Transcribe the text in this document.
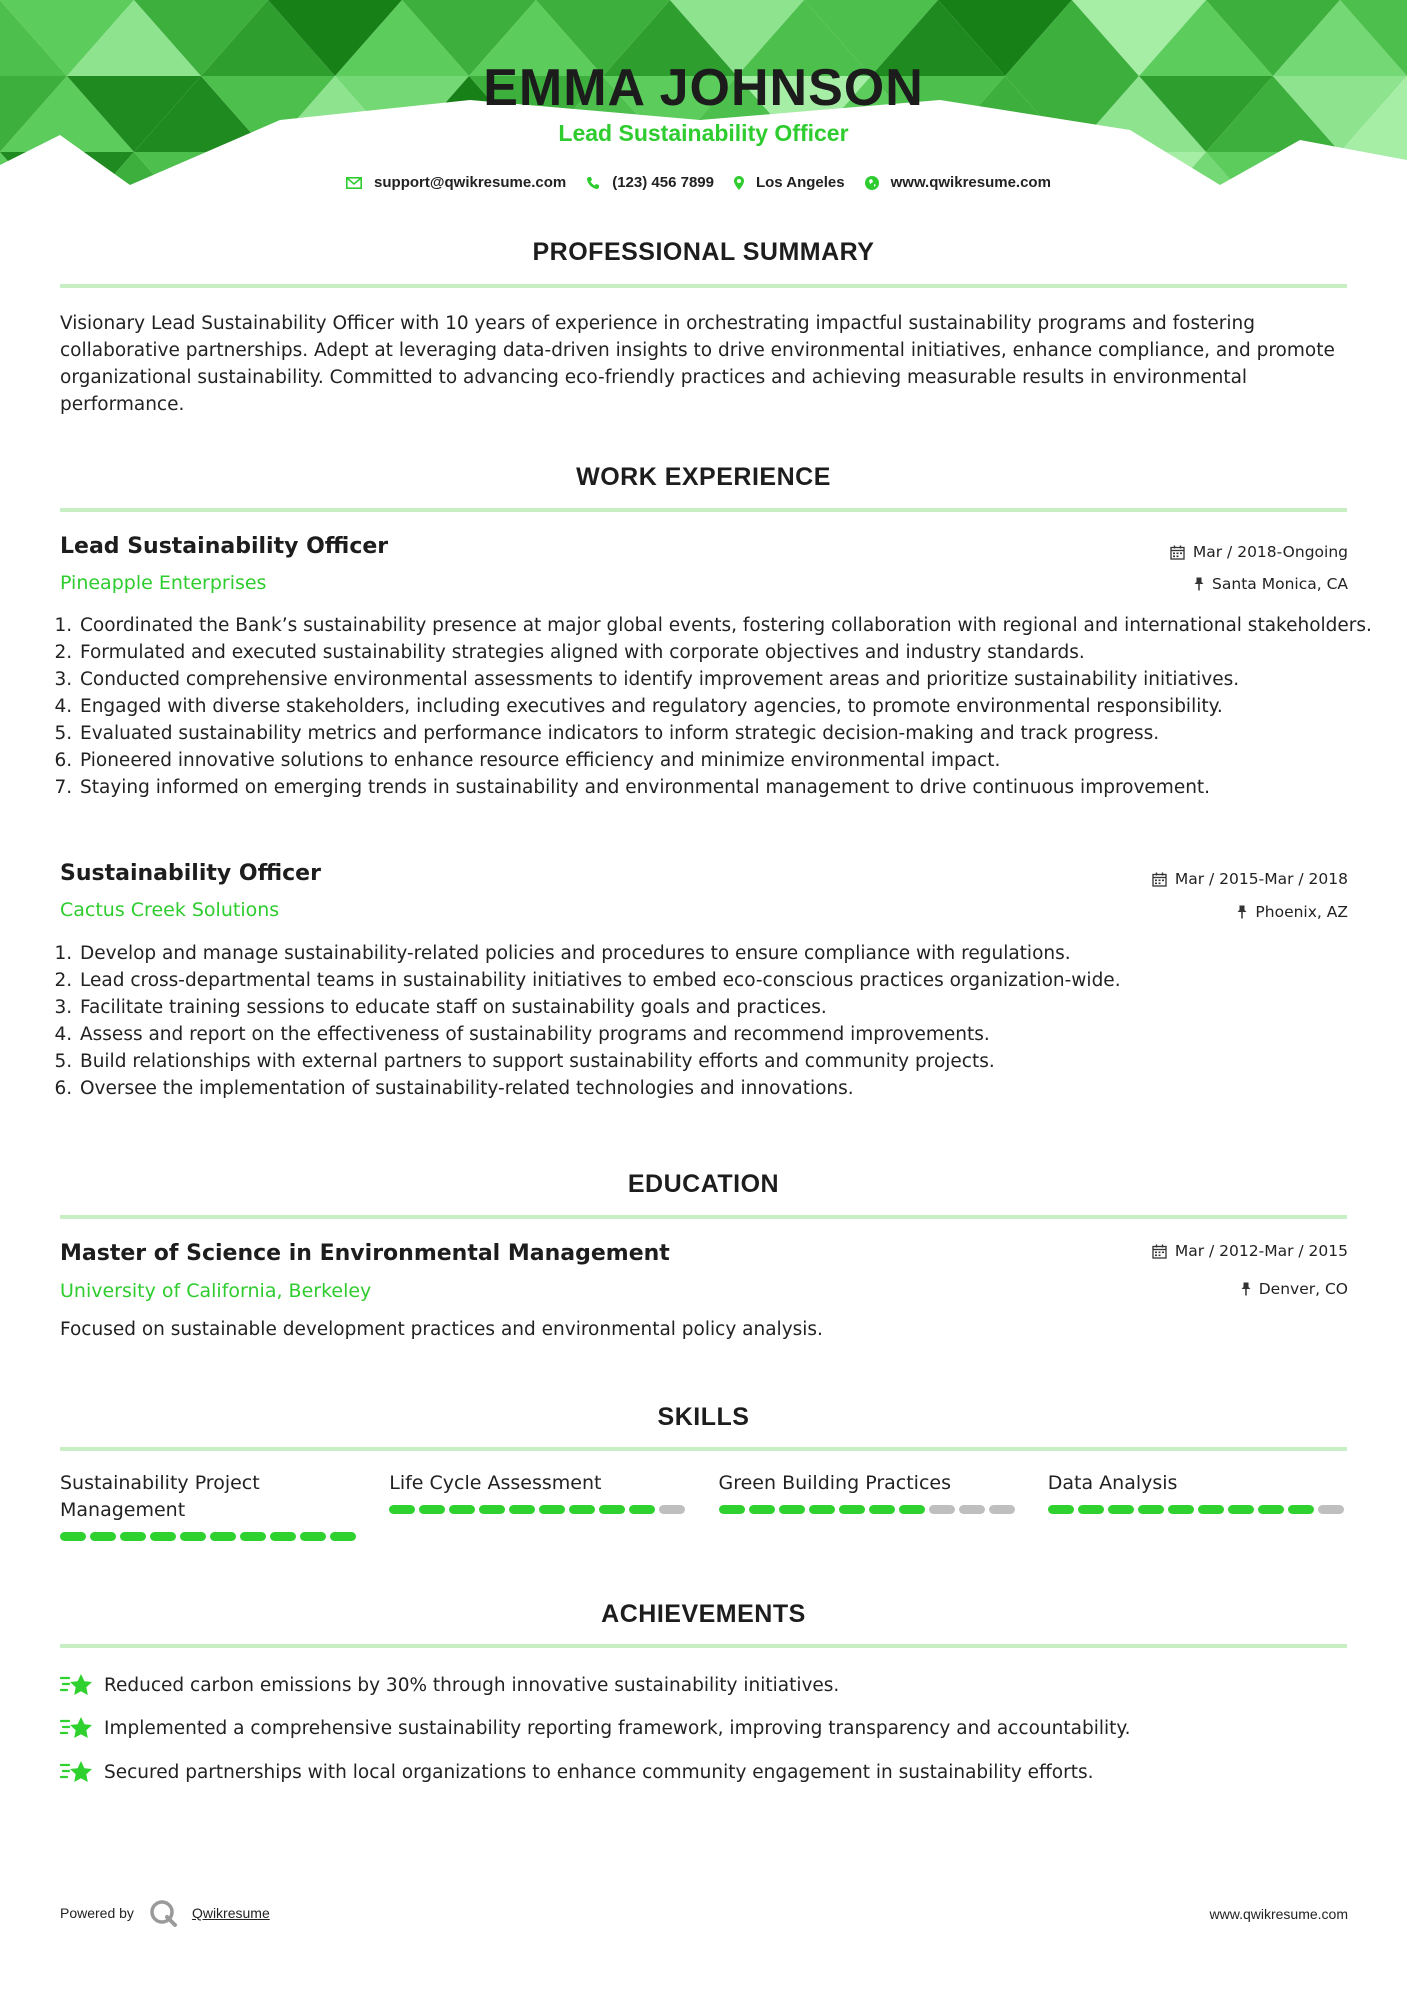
EMMA JOHNSON
Lead Sustainability Officer
support@qwikresume.com	(123) 456 7899	Los Angeles	www.qwikresume.com
PROFESSIONAL SUMMARY
Visionary Lead Sustainability Officer with 10 years of experience in orchestrating impactful sustainability programs and fostering collaborative partnerships. Adept at leveraging data-driven insights to drive environmental initiatives, enhance compliance, and promote organizational sustainability. Committed to advancing eco-friendly practices and achieving measurable results in environmental performance.
WORK EXPERIENCE
Lead Sustainability Officer
Pineapple Enterprises
Mar / 2018-Ongoing
Santa Monica, CA
1. Coordinated the Bank’s sustainability presence at major global events, fostering collaboration with regional and international stakeholders.
2. Formulated and executed sustainability strategies aligned with corporate objectives and industry standards.
3. Conducted comprehensive environmental assessments to identify improvement areas and prioritize sustainability initiatives.
4. Engaged with diverse stakeholders, including executives and regulatory agencies, to promote environmental responsibility.
5. Evaluated sustainability metrics and performance indicators to inform strategic decision-making and track progress.
6. Pioneered innovative solutions to enhance resource efficiency and minimize environmental impact.
7. Staying informed on emerging trends in sustainability and environmental management to drive continuous improvement.
Sustainability Officer
Cactus Creek Solutions
Mar / 2015-Mar / 2018
Phoenix, AZ
1. Develop and manage sustainability-related policies and procedures to ensure compliance with regulations.
2. Lead cross-departmental teams in sustainability initiatives to embed eco-conscious practices organization-wide.
3. Facilitate training sessions to educate staff on sustainability goals and practices.
4. Assess and report on the effectiveness of sustainability programs and recommend improvements.
5. Build relationships with external partners to support sustainability efforts and community projects.
6. Oversee the implementation of sustainability-related technologies and innovations.
EDUCATION
Master of Science in Environmental Management
University of California, Berkeley
Mar / 2012-Mar / 2015
Denver, CO
Focused on sustainable development practices and environmental policy analysis.
SKILLS
Sustainability Project Management
Life Cycle Assessment	Green Building Practices	Data Analysis
ACHIEVEMENTS
Reduced carbon emissions by 30% through innovative sustainability initiatives.
Implemented a comprehensive sustainability reporting framework, improving transparency and accountability.
Secured partnerships with local organizations to enhance community engagement in sustainability efforts.
Powered by	Qwikresume	www.qwikresume.com
